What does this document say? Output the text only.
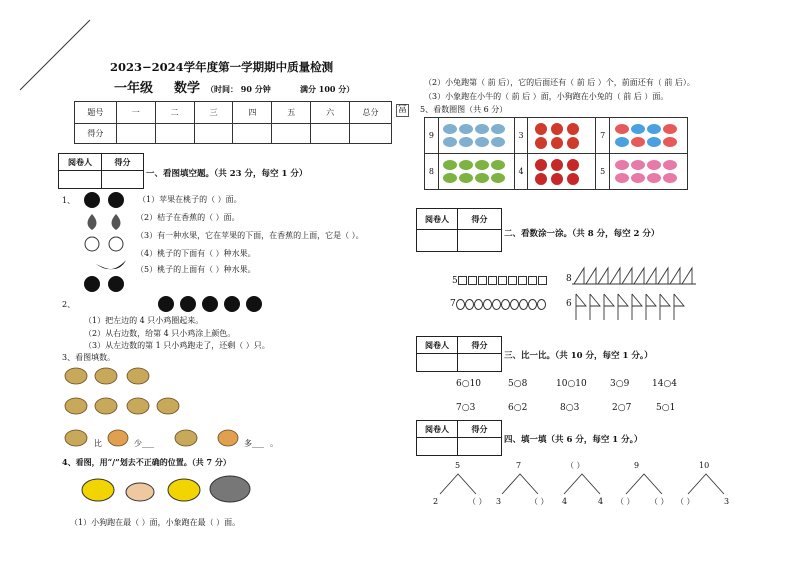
2023−2024学年度第一学期期中质量检测
一年级 数学 （时间： 90 分钟	满分 100 分）
题号	一	二	三	四	五	六	总分
得分							
冨
阅卷人	得分
一、看图填空题。（共 23 分，每空 1 分）
1、	（1）苹果在桃子的（ ）面。
（2）桔子在香蕉的（ ）面。
（3）有一种水果，它在苹果的下面，在香蕉的上面，它是（ ）。
（4）桃子的下面有（ ）种水果。
（5）桃子的上面有（ ）种水果。
2、
（1）把左边的 4 只小鸡圈起来。
（2）从右边数，给第 4 只小鸡涂上颜色。
（3）从左边数的第 1 只小鸡跑走了，还剩（ ）只。
3、看图填数。
比	少 ___	多 ___ 。
4、看图，用“/”划去不正确的位置。（共 7 分）
（1）小狗跑在最（ ）面，小象跑在最（ ）面。
（2）小兔跑第（ 前 后），它的后面还有（ 前 后 ）个，前面还有（ 前 后）。
（3）小象跑在小牛的（ 前 后 ）面，小狗跑在小兔的（ 前 后 ）面。
5、看数圈图（共 6 分）
9		3		7	
8		4		5	
阅卷人	得分
二、看数涂一涂。（共 8 分，每空 2 分）
5
7
8
6
阅卷人	得分
三、比一比。（共 10 分，每空 1 分。）
6○10	5○8	10○10	3○9	14○4
7○3	6○2	8○3	2○7	5○1
阅卷人	得分
四、填一填（共 6 分，每空 1 分。）
5	7	（ ）	9	10
2	3	4	（ ）	（ ）
（ ）	（ ）	4	（ ）	3
